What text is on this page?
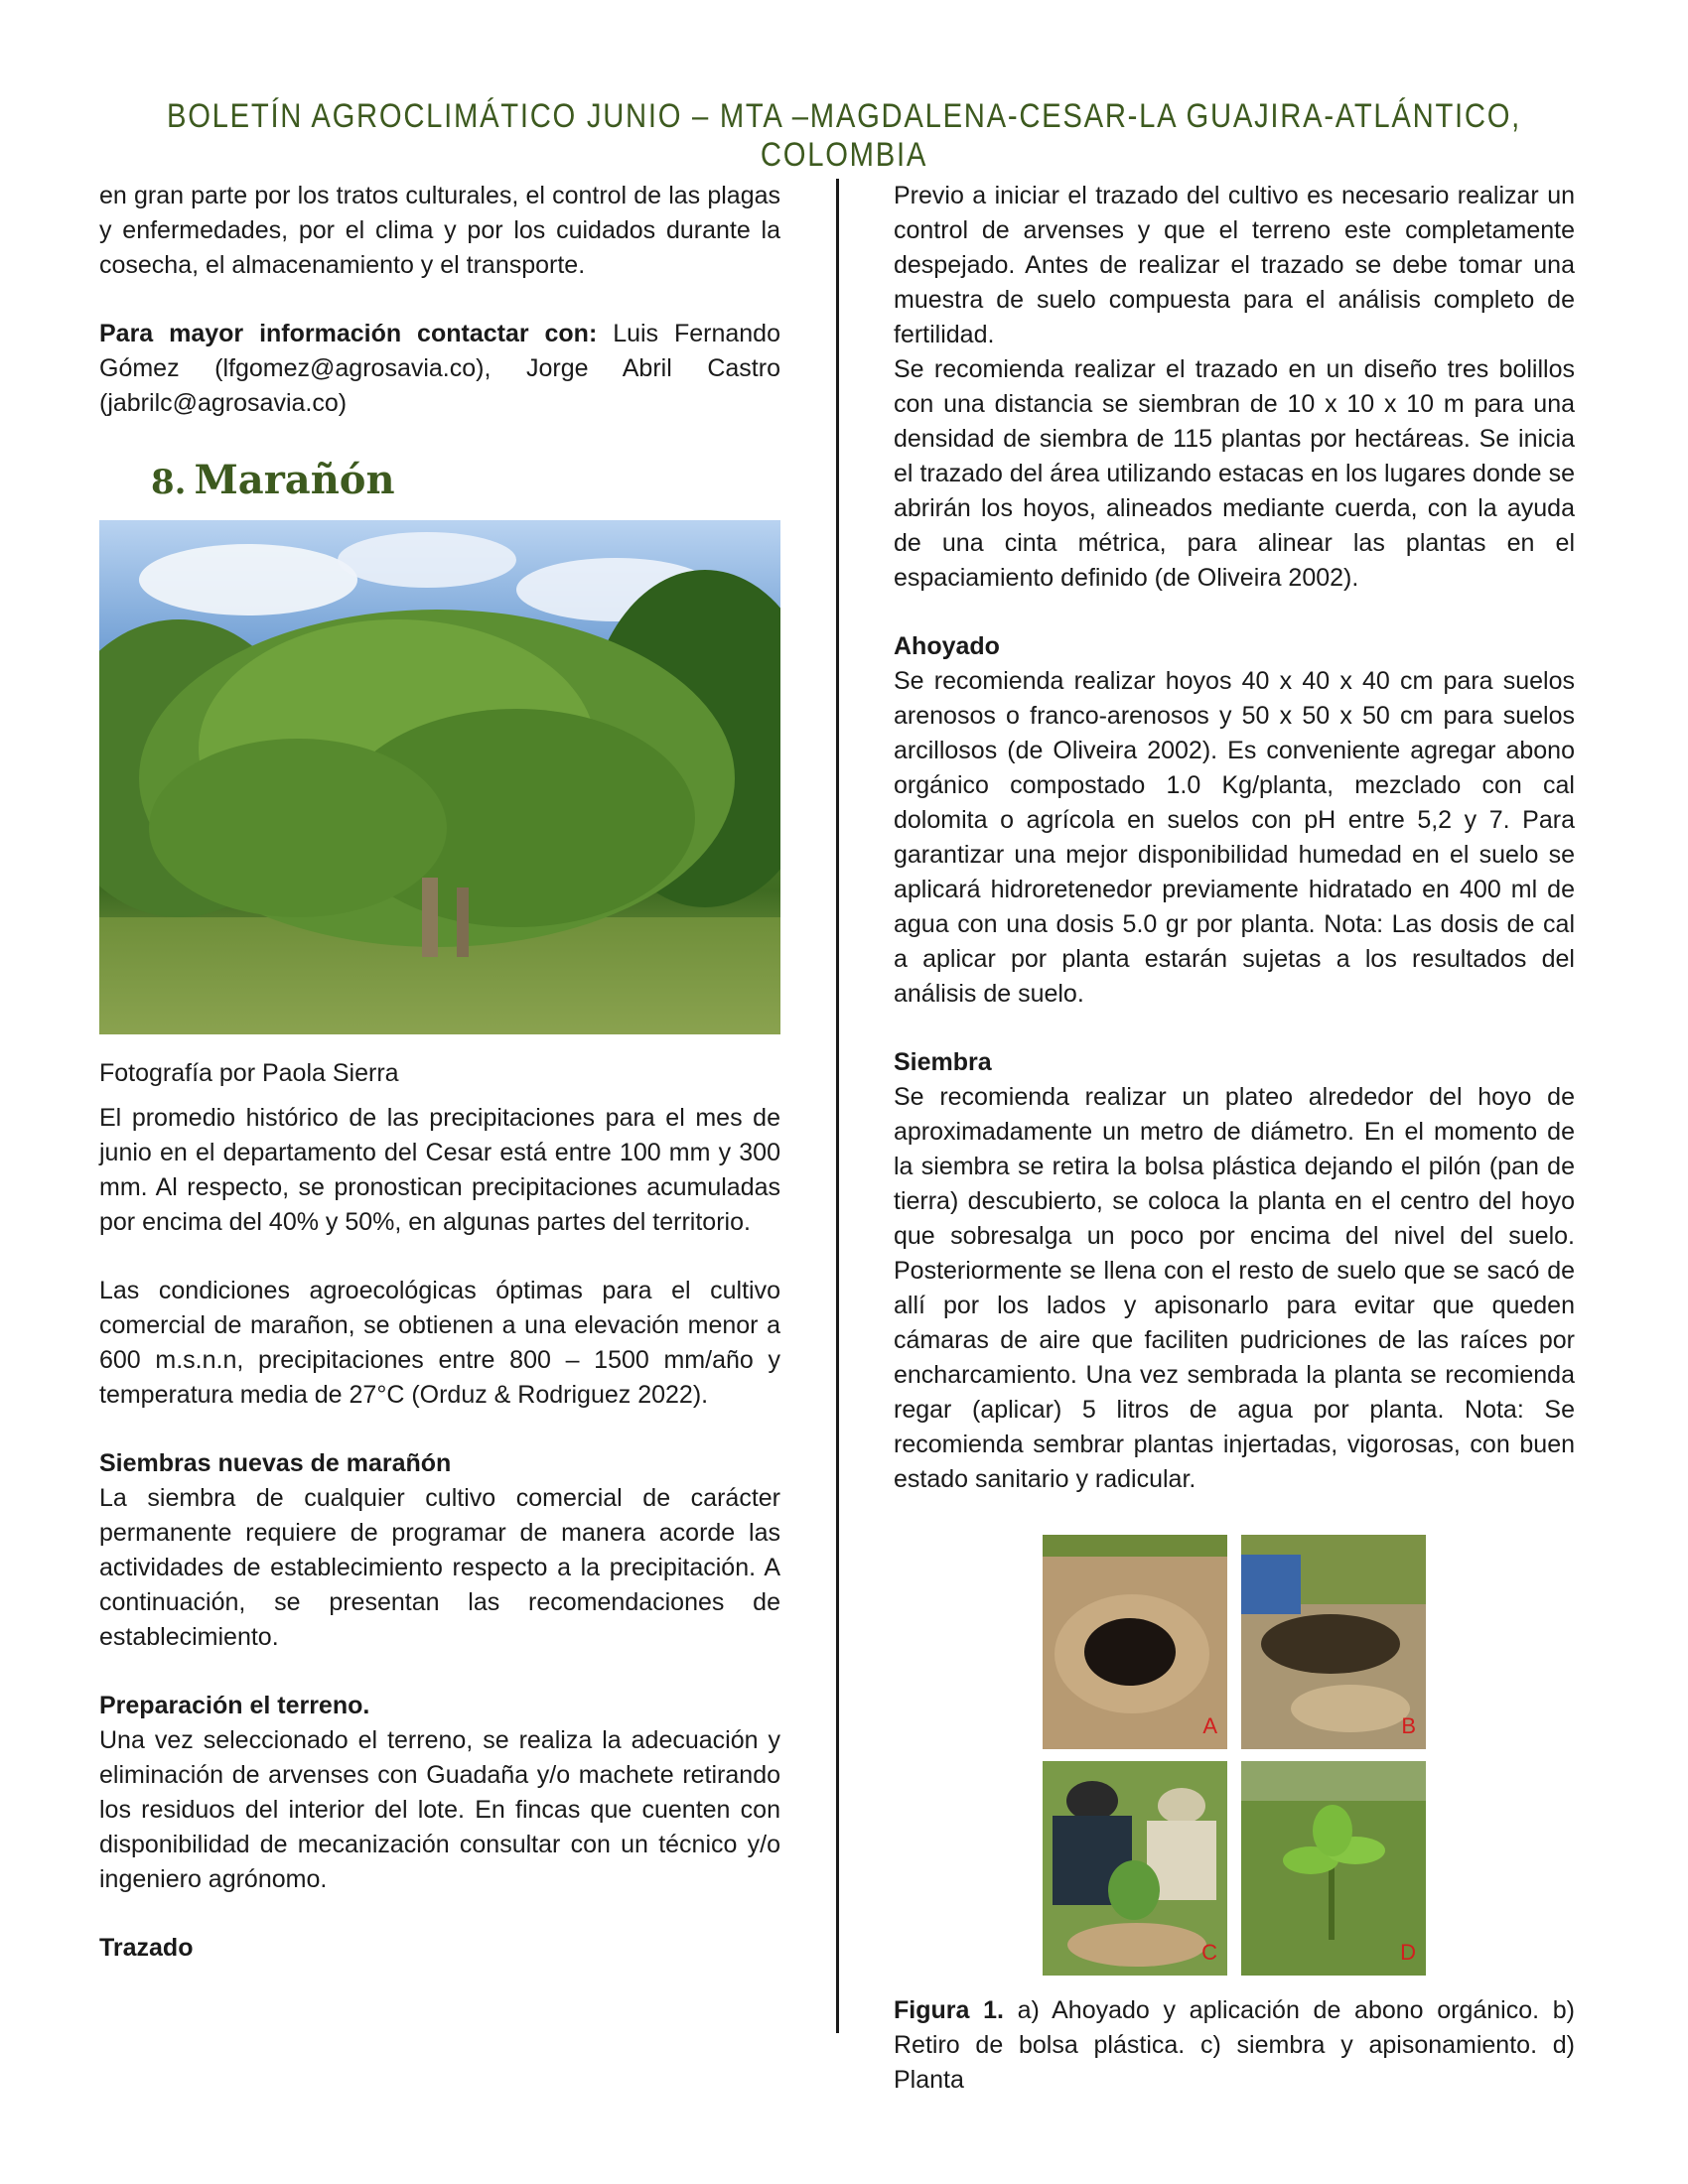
BOLETÍN AGROCLIMÁTICO JUNIO – MTA –MAGDALENA-CESAR-LA GUAJIRA-ATLÁNTICO, COLOMBIA

en gran parte por los tratos culturales, el control de las plagas y enfermedades, por el clima y por los cuidados durante la cosecha, el almacenamiento y el transporte.

Para mayor información contactar con: Luis Fernando Gómez (lfgomez@agrosavia.co), Jorge Abril Castro (jabrilc@agrosavia.co)

8. Marañón

Fotografía por Paola Sierra

El promedio histórico de las precipitaciones para el mes de junio en el departamento del Cesar está entre 100 mm y 300 mm. Al respecto, se pronostican precipitaciones acumuladas por encima del 40% y 50%, en algunas partes del territorio.

Las condiciones agroecológicas óptimas para el cultivo comercial de marañon, se obtienen a una elevación menor a 600 m.s.n.n, precipitaciones entre 800 – 1500 mm/año y temperatura media de 27°C (Orduz & Rodriguez 2022).

Siembras nuevas de marañón

La siembra de cualquier cultivo comercial de carácter permanente requiere de programar de manera acorde las actividades de establecimiento respecto a la precipitación. A continuación, se presentan las recomendaciones de establecimiento.

Preparación el terreno.

Una vez seleccionado el terreno, se realiza la adecuación y eliminación de arvenses con Guadaña y/o machete retirando los residuos del interior del lote. En fincas que cuenten con disponibilidad de mecanización consultar con un técnico y/o ingeniero agrónomo.

Trazado

Previo a iniciar el trazado del cultivo es necesario realizar un control de arvenses y que el terreno este completamente despejado. Antes de realizar el trazado se debe tomar una muestra de suelo compuesta para el análisis completo de fertilidad.

Se recomienda realizar el trazado en un diseño tres bolillos con una distancia se siembran de 10 x 10 x 10 m para una densidad de siembra de 115 plantas por hectáreas. Se inicia el trazado del área utilizando estacas en los lugares donde se abrirán los hoyos, alineados mediante cuerda, con la ayuda de una cinta métrica, para alinear las plantas en el espaciamiento definido (de Oliveira 2002).

Ahoyado

Se recomienda realizar hoyos 40 x 40 x 40 cm para suelos arenosos o franco-arenosos y 50 x 50 x 50 cm para suelos arcillosos (de Oliveira 2002). Es conveniente agregar abono orgánico compostado 1.0 Kg/planta, mezclado con cal dolomita o agrícola en suelos con pH entre 5,2 y 7. Para garantizar una mejor disponibilidad humedad en el suelo se aplicará hidroretenedor previamente hidratado en 400 ml de agua con una dosis 5.0 gr por planta. Nota: Las dosis de cal a aplicar por planta estarán sujetas a los resultados del análisis de suelo.

Siembra

Se recomienda realizar un plateo alrededor del hoyo de aproximadamente un metro de diámetro. En el momento de la siembra se retira la bolsa plástica dejando el pilón (pan de tierra) descubierto, se coloca la planta en el centro del hoyo que sobresalga un poco por encima del nivel del suelo. Posteriormente se llena con el resto de suelo que se sacó de allí por los lados y apisonarlo para evitar que queden cámaras de aire que faciliten pudriciones de las raíces por encharcamiento. Una vez sembrada la planta se recomienda regar (aplicar) 5 litros de agua por planta. Nota: Se recomienda sembrar plantas injertadas, vigorosas, con buen estado sanitario y radicular.

A	B
C	D

Figura 1. a) Ahoyado y aplicación de abono orgánico. b) Retiro de bolsa plástica. c) siembra y apisonamiento. d) Planta
